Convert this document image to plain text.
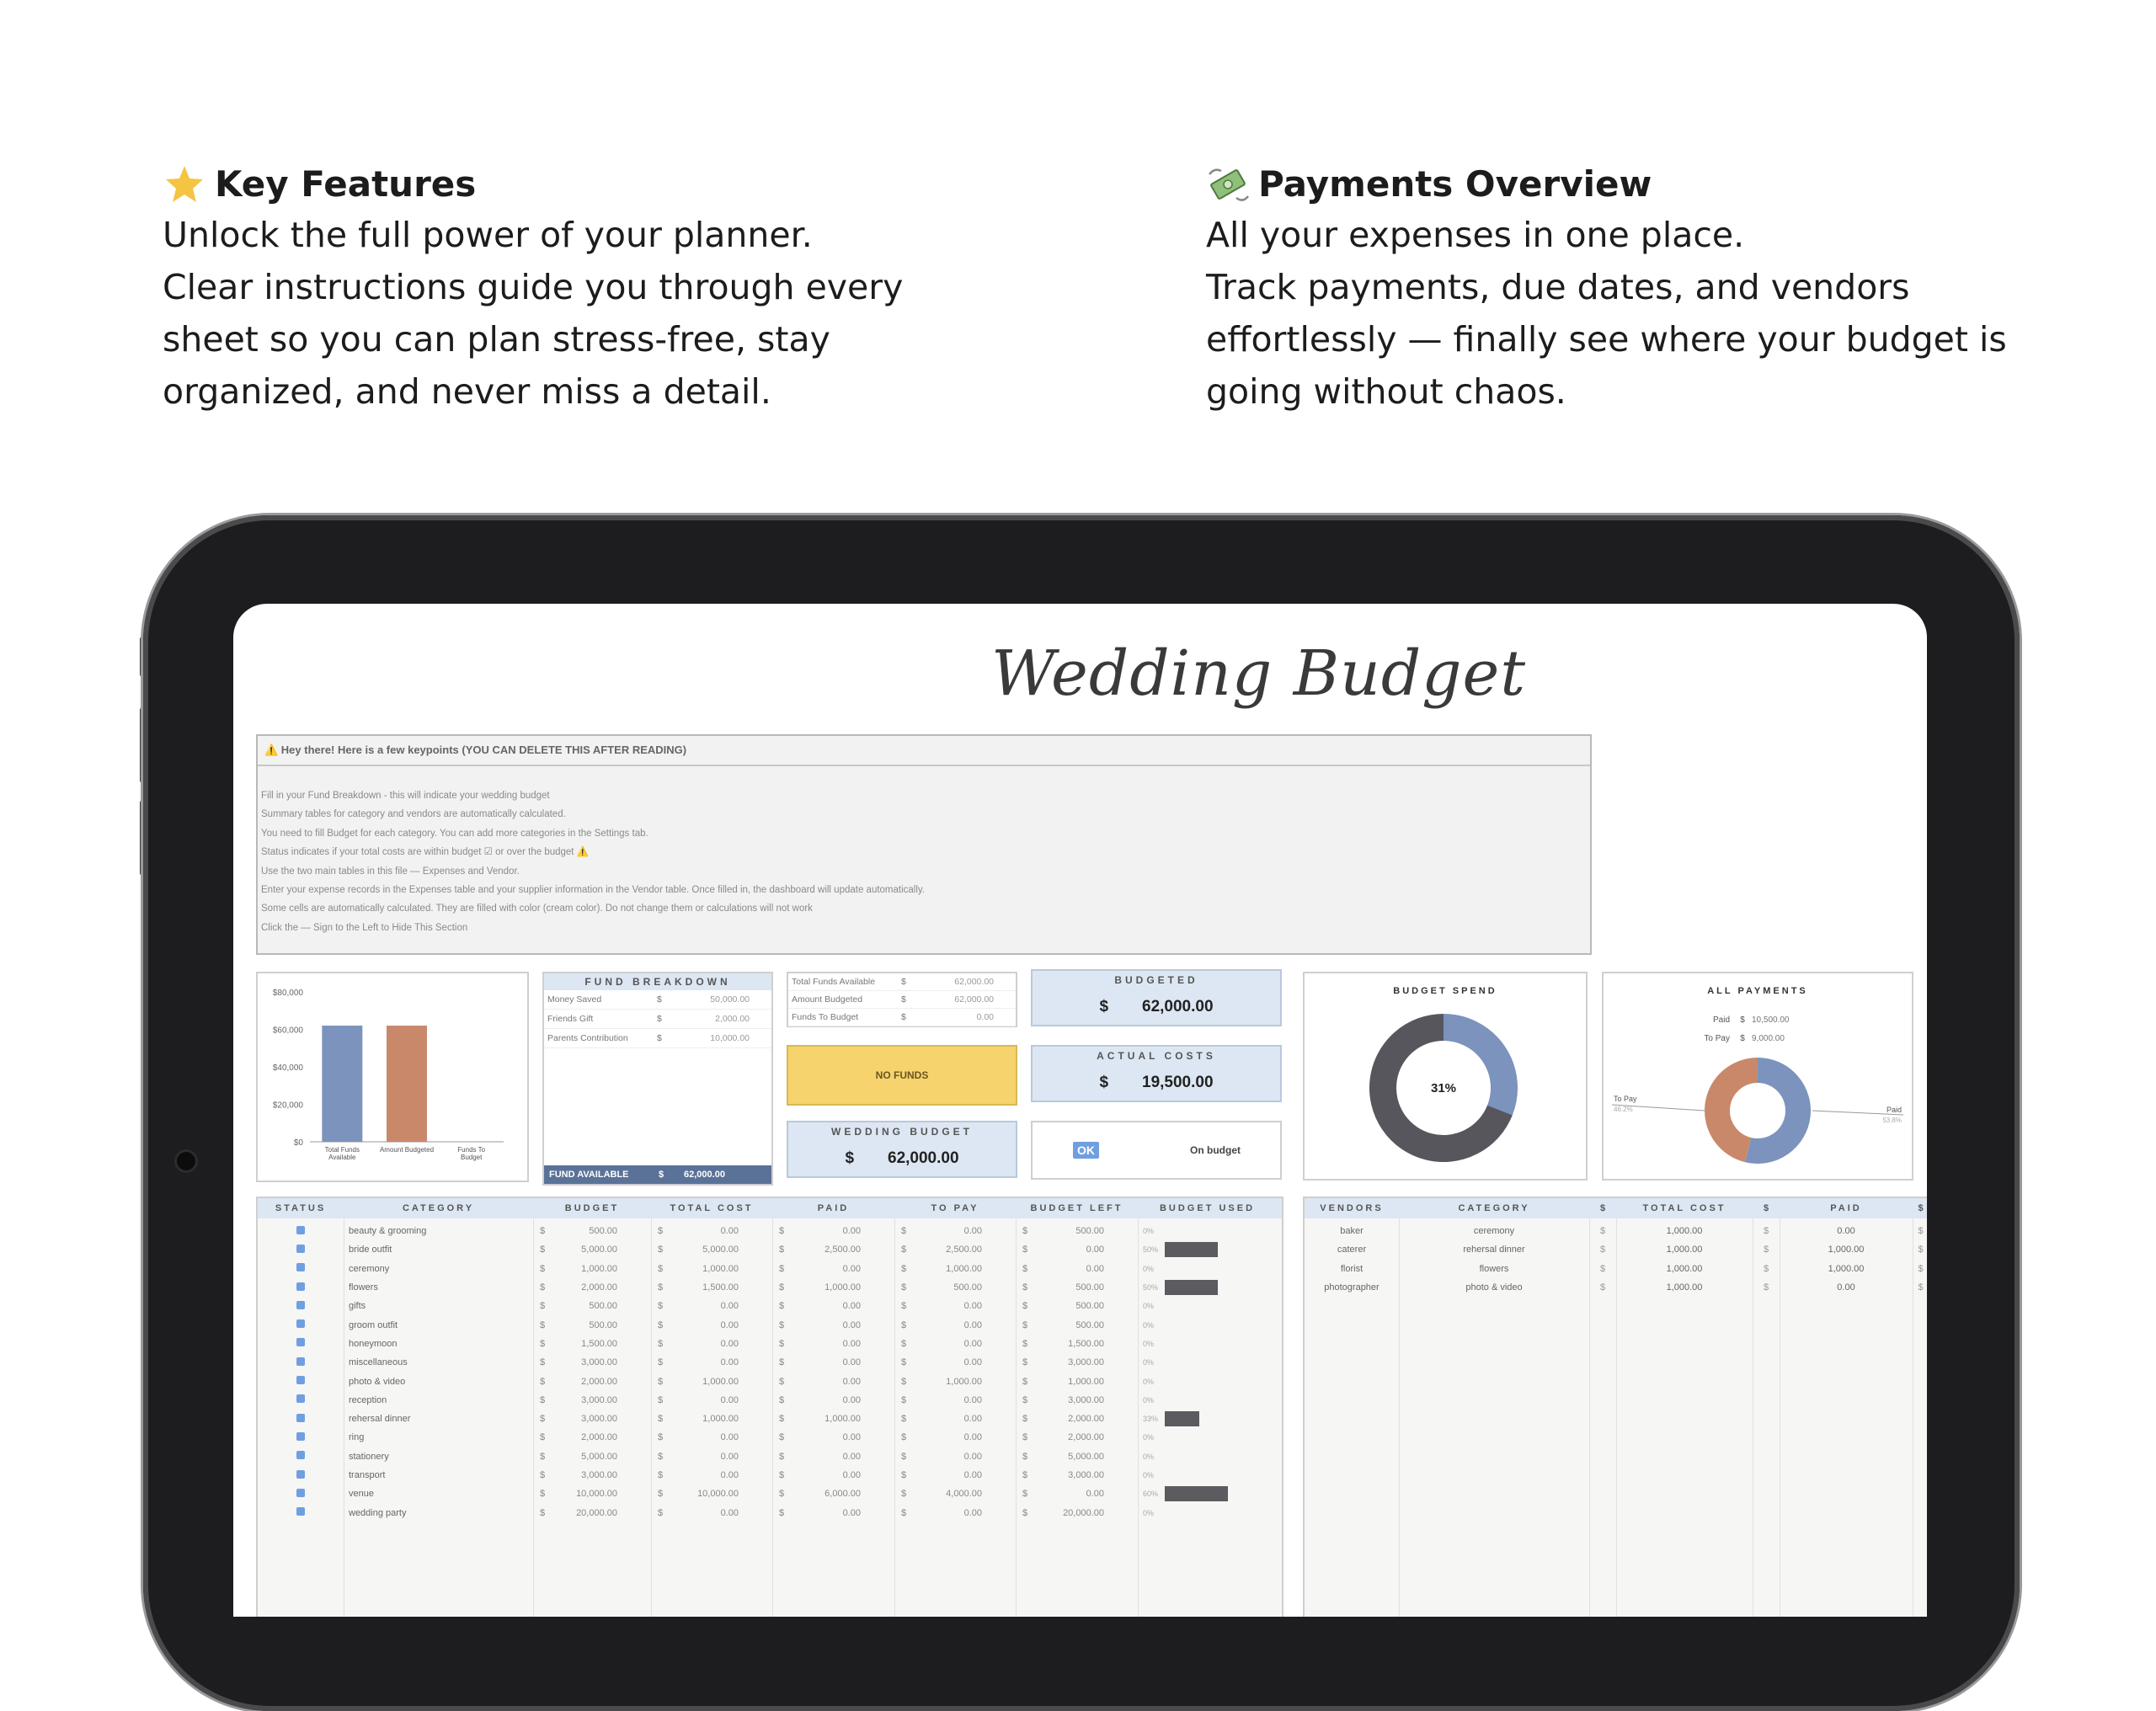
Key Features
Unlock the full power of your planner.
Clear instructions guide you through every
sheet so you can plan stress-free, stay
organized, and never miss a detail.
Payments Overview
All your expenses in one place.
Track payments, due dates, and vendors
effortlessly — finally see where your budget is
going without chaos.
Wedding Budget
⚠️ Hey there! Here is a few keypoints (YOU CAN DELETE THIS AFTER READING)
Fill in your Fund Breakdown - this will indicate your wedding budget
Summary tables for category and vendors are automatically calculated.
You need to fill Budget for each category. You can add more categories in the Settings tab.
Status indicates if your total costs are within budget ☑ or over the budget ⚠️
Use the two main tables in this file — Expenses and Vendor.
Enter your expense records in the Expenses table and your supplier information in the Vendor table. Once filled in, the dashboard will update automatically.
Some cells are automatically calculated. They are filled with color (cream color). Do not change them or calculations will not work
Click the — Sign to the Left to Hide This Section
$80,000
$60,000
$40,000
$20,000
$0
Total Funds
Available
Amount Budgeted	Funds To
Budget
FUND BREAKDOWN
Money Saved	$	50,000.00
Friends Gift	$	2,000.00
Parents Contribution	$	10,000.00
FUND AVAILABLE	$	62,000.00
Total Funds Available	$	62,000.00
Amount Budgeted	$	62,000.00
Funds To Budget	$	0.00
NO FUNDS
WEDDING BUDGET
$ 62,000.00
BUDGETED
$ 62,000.00
ACTUAL COSTS
$ 19,500.00
OK	On budget
BUDGET SPEND
31%
ALL PAYMENTS
Paid $ 10,500.00
To Pay $ 9,000.00
To Pay
46.2%	Paid
53.8%
STATUS	CATEGORY	BUDGET	TOTAL COST	PAID	TO PAY	BUDGET LEFT	BUDGET USED
beauty & grooming	$	500.00	$	0.00	$	0.00	$	0.00	$	500.00	0%
bride outfit	$	5,000.00	$	5,000.00	$	2,500.00	$	2,500.00	$	0.00	50%
ceremony	$	1,000.00	$	1,000.00	$	0.00	$	1,000.00	$	0.00	0%
flowers	$	2,000.00	$	1,500.00	$	1,000.00	$	500.00	$	500.00	50%
gifts	$	500.00	$	0.00	$	0.00	$	0.00	$	500.00	0%
groom outfit	$	500.00	$	0.00	$	0.00	$	0.00	$	500.00	0%
honeymoon	$	1,500.00	$	0.00	$	0.00	$	0.00	$	1,500.00	0%
miscellaneous	$	3,000.00	$	0.00	$	0.00	$	0.00	$	3,000.00	0%
photo & video	$	2,000.00	$	1,000.00	$	0.00	$	1,000.00	$	1,000.00	0%
reception	$	3,000.00	$	0.00	$	0.00	$	0.00	$	3,000.00	0%
rehersal dinner	$	3,000.00	$	1,000.00	$	1,000.00	$	0.00	$	2,000.00	33%
ring	$	2,000.00	$	0.00	$	0.00	$	0.00	$	2,000.00	0%
stationery	$	5,000.00	$	0.00	$	0.00	$	0.00	$	5,000.00	0%
transport	$	3,000.00	$	0.00	$	0.00	$	0.00	$	3,000.00	0%
venue	$	10,000.00	$	10,000.00	$	6,000.00	$	4,000.00	$	0.00	60%
wedding party	$	20,000.00	$	0.00	$	0.00	$	0.00	$	20,000.00	0%
VENDORS	CATEGORY	$	TOTAL COST	$	PAID	$
baker	ceremony	$	1,000.00	$	0.00	$
caterer	rehersal dinner	$	1,000.00	$	1,000.00	$
florist	flowers	$	1,000.00	$	1,000.00	$
photographer	photo & video	$	1,000.00	$	0.00	$
